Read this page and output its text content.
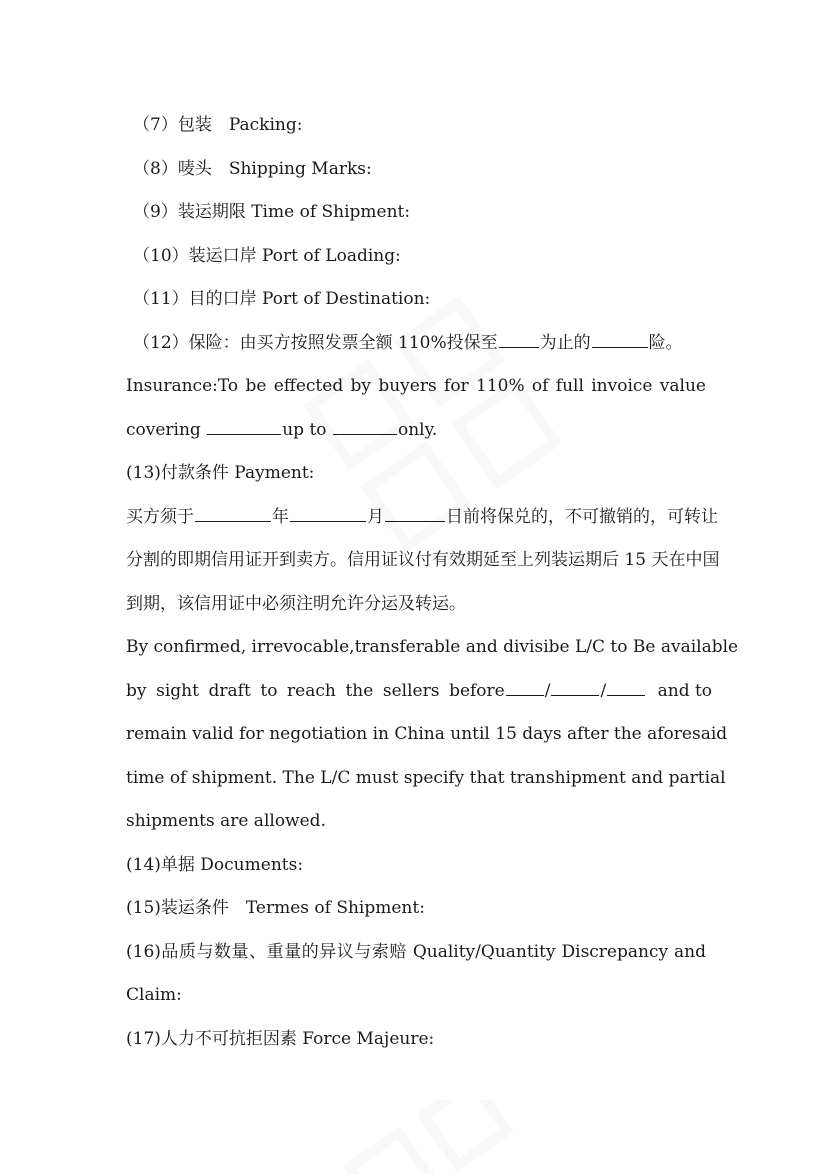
（7）包装　Packing:
（8）唛头　Shipping Marks:
（9）装运期限 Time of Shipment:
（10）装运口岸 Port of Loading:
（11）目的口岸 Port of Destination:
（12）保险：由买方按照发票全额 110%投保至 为止的	险。
Insurance:To be effected by buyers for 110% of full invoice value
covering	up to	only.
(13)付款条件 Payment:
买方须于	年	月	日前将保兑的，不可撤销的，可转让
分割的即期信用证开到卖方。信用证议付有效期延至上列装运期后 15 天在中国
到期，该信用证中必须注明允许分运及转运。
By confirmed, irrevocable,transferable and divisibe L/C to Be available
by sight draft to reach the sellers before	/	/	and to
remain valid for negotiation in China until 15 days after the aforesaid
time of shipment. The L/C must specify that transhipment and partial
shipments are allowed.
(14)单据 Documents:
(15)装运条件　Termes of Shipment:
(16)品质与数量、重量的异议与索赔 Quality/Quantity Discrepancy and
Claim:
(17)人力不可抗拒因素 Force Majeure:
